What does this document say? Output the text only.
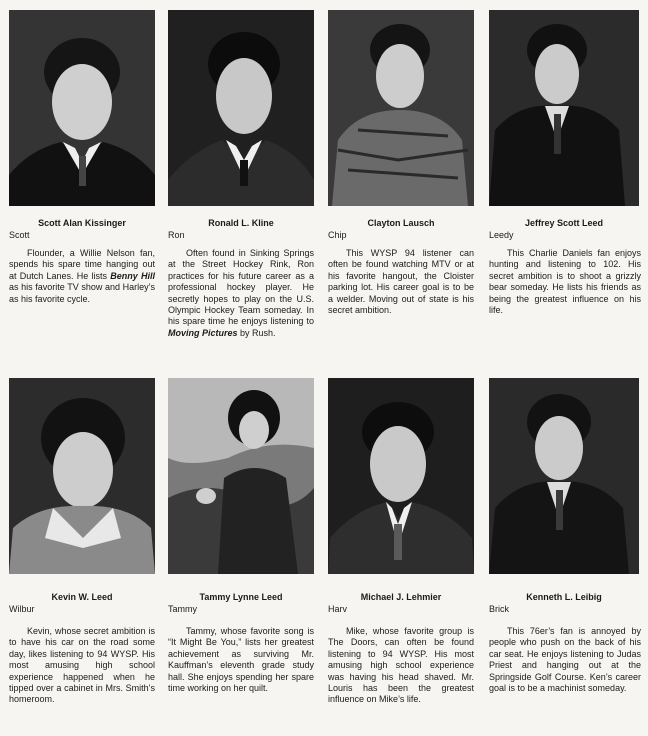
Scott Alan Kissinger
Scott
  Flounder, a Willie Nelson fan, spends his spare time hanging out at Dutch Lanes. He lists Benny Hill as his favorite TV show and Harley’s as his favorite cycle.
Ronald L. Kline
Ron
  Often found in Sinking Springs at the Street Hockey Rink, Ron practices for his future career as a professional hockey player. He secretly hopes to play on the U.S. Olympic Hockey Team someday. In his spare time he enjoys listening to Moving Pictures by Rush.
Clayton Lausch
Chip
  This WYSP 94 listener can often be found watching MTV or at his favorite hangout, the Cloister parking lot. His career goal is to be a welder. Moving out of state is his secret ambition.
Jeffrey Scott Leed
Leedy
  This Charlie Daniels fan enjoys hunting and listening to 102. His secret ambition is to shoot a grizzly bear someday. He lists his friends as being the greatest influence on his life.
Kevin W. Leed
Wilbur
  Kevin, whose secret ambition is to have his car on the road some day, likes listening to 94 WYSP. His most amusing high school experience happened when he tipped over a cabinet in Mrs. Smith’s homeroom.
Tammy Lynne Leed
Tammy
  Tammy, whose favorite song is “It Might Be You,” lists her greatest achievement as surviving Mr. Kauffman’s eleventh grade study hall. She enjoys spending her spare time working on her quilt.
Michael J. Lehmier
Harv
  Mike, whose favorite group is The Doors, can often be found listening to 94 WYSP. His most amusing high school experience was having his head shaved. Mr. Louris has been the greatest influence on Mike’s life.
Kenneth L. Leibig
Brick
  This 76er’s fan is annoyed by people who push on the back of his car seat. He enjoys listening to Judas Priest and hanging out at the Springside Golf Course. Ken’s career goal is to be a machinist someday.
